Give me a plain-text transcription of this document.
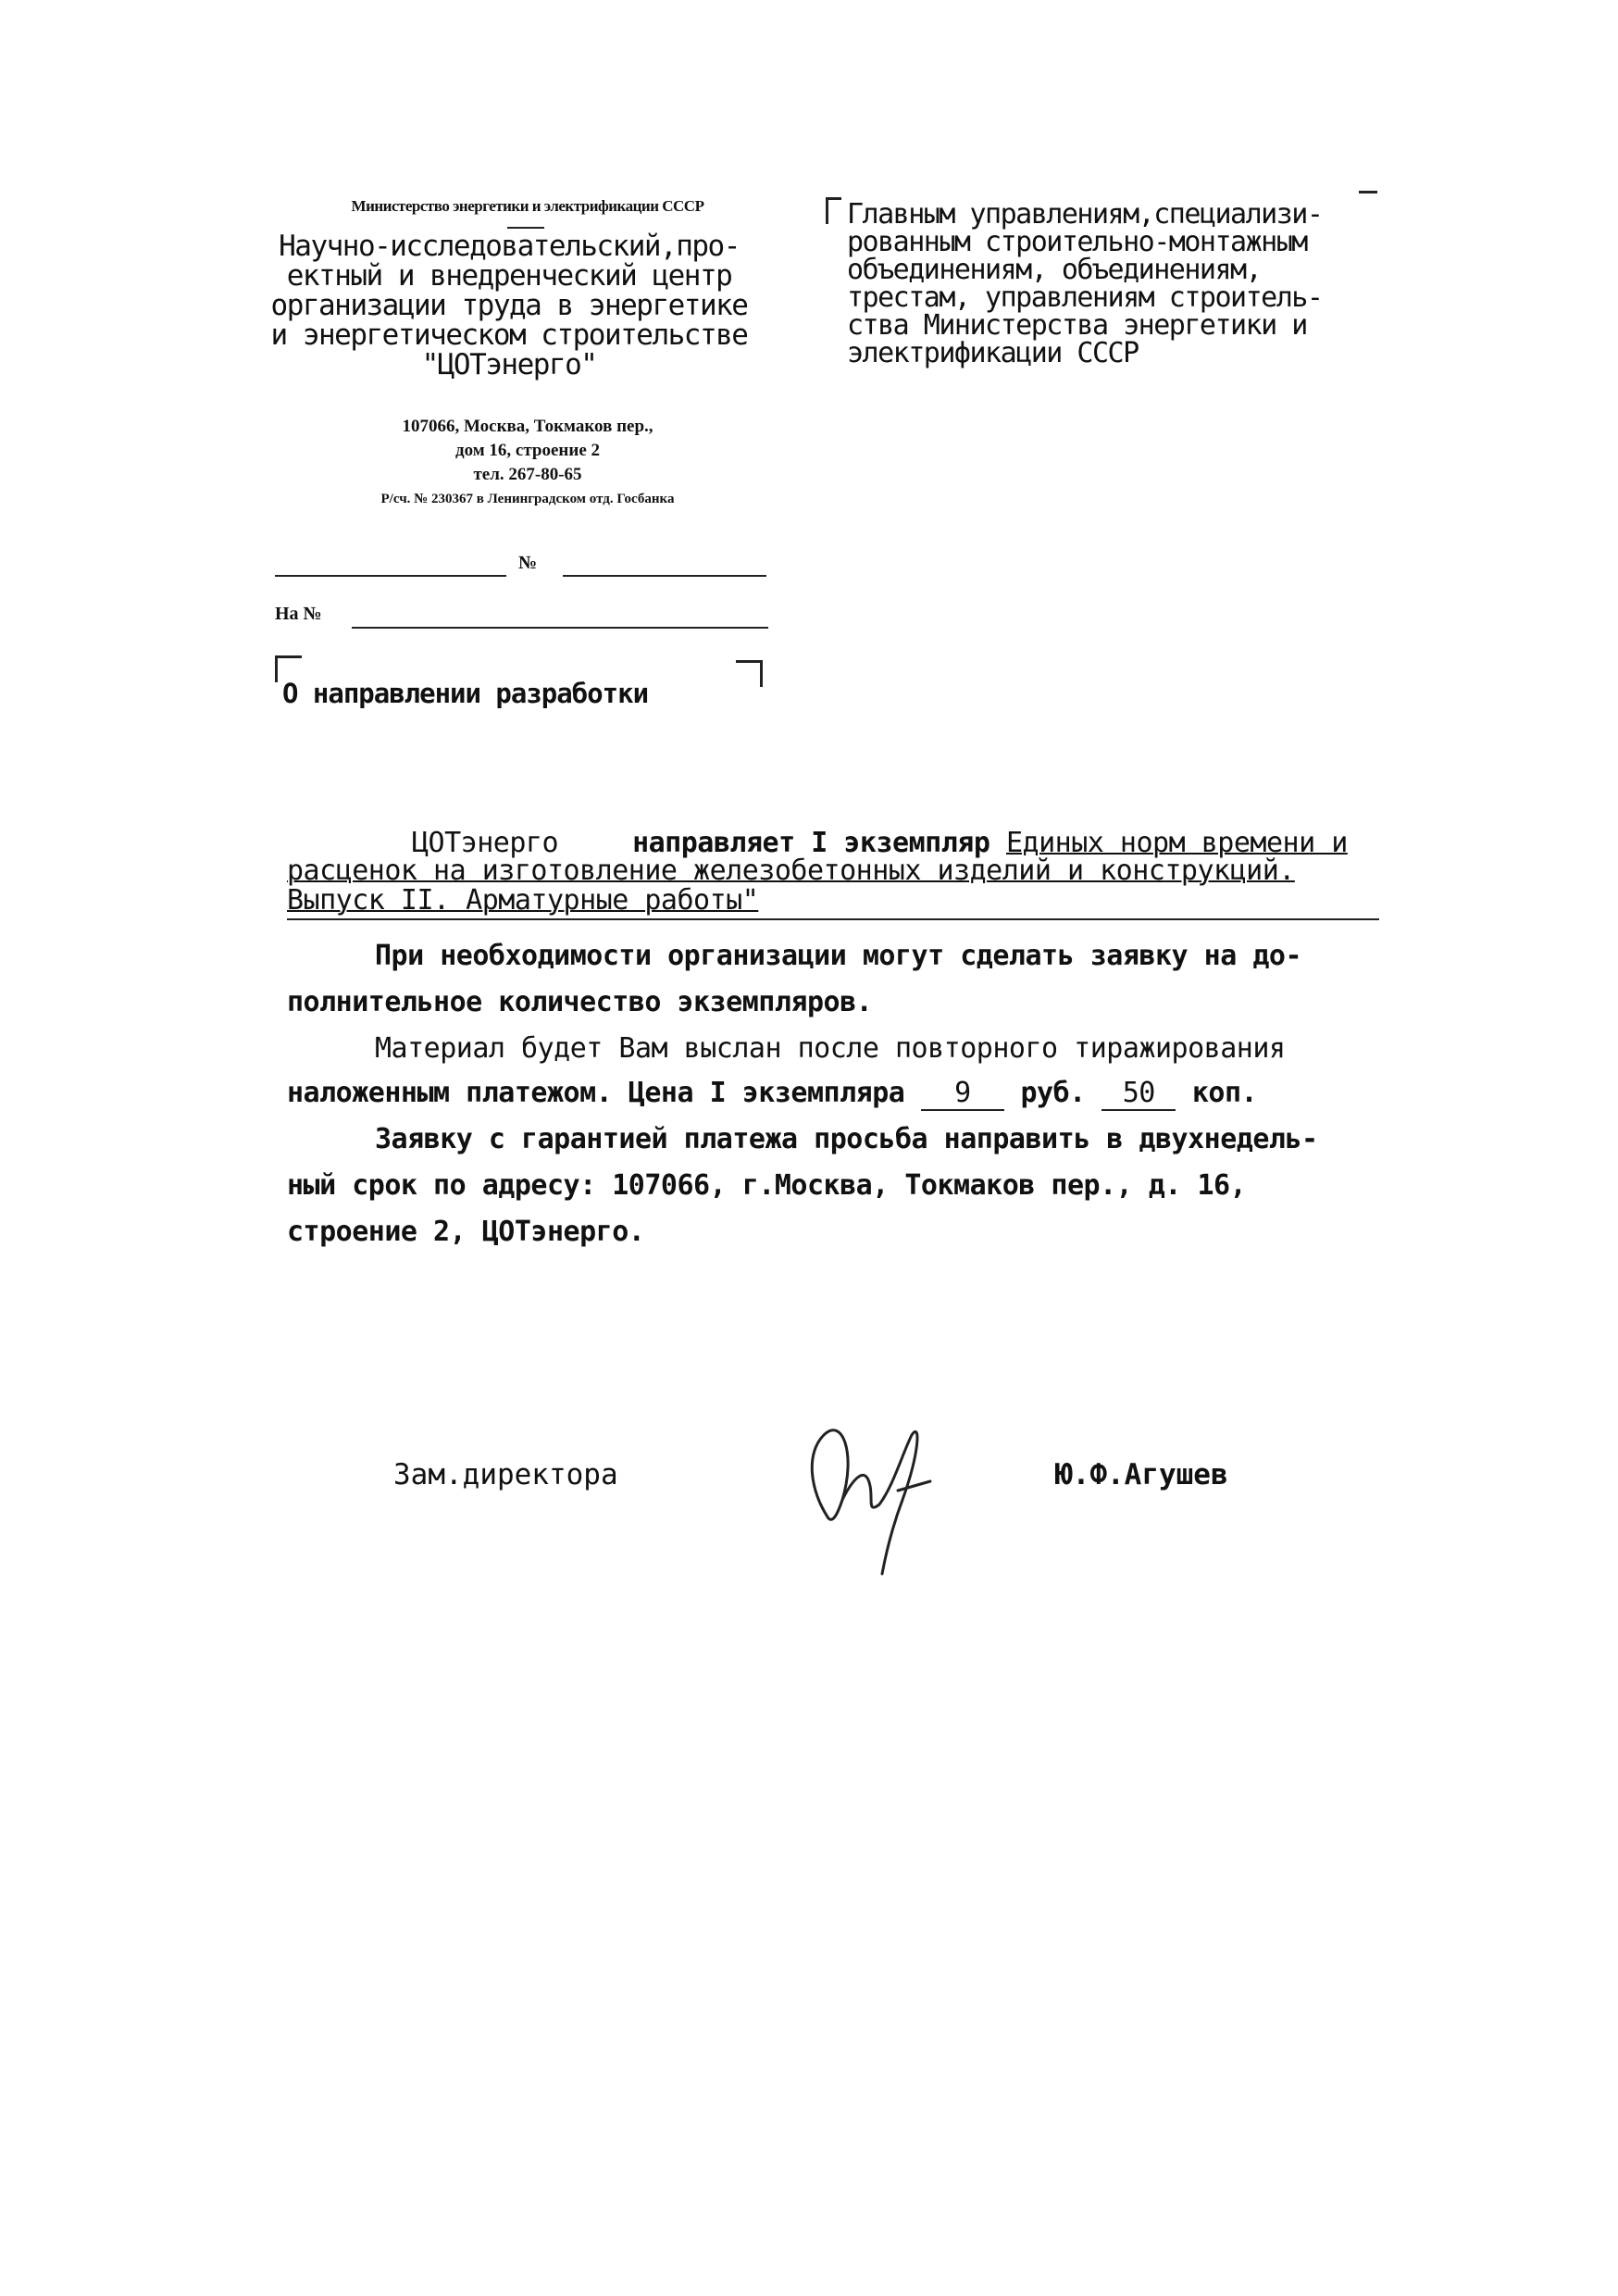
Министерство энергетики и электрификации СССР
Научно-исследовательский,про-
ектный и внедренческий центр
организации труда в энергетике
и энергетическом строительстве
"ЦОТэнерго"
107066, Москва, Токмаков пер.,
дом 16, строение 2
тел. 267-80-65
Р/сч. № 230367 в Ленинградском отд. Госбанка
№
На №
О направлении разработки
Главным управлениям,специализи-
рованным строительно-монтажным
объединениям, объединениям,
трестам, управлениям строитель-
ства Министерства энергетики и
электрификации СССР
ЦОТэнерго	направляет I экземпляр Единых норм времени и
расценок на изготовление железобетонных изделий и конструкций.
Выпуск II. Арматурные работы"
При необходимости организации могут сделать заявку на до-
полнительное количество экземпляров.
Материал будет Вам выслан после повторного тиражирования
наложенным платежом. Цена I экземпляра 9 руб. 50 коп.
Заявку с гарантией платежа просьба направить в двухнедель-
ный срок по адресу: 107066, г.Москва, Токмаков пер., д. 16,
строение 2, ЦОТэнерго.
Зам.директора	Ю.Ф.Агушев
